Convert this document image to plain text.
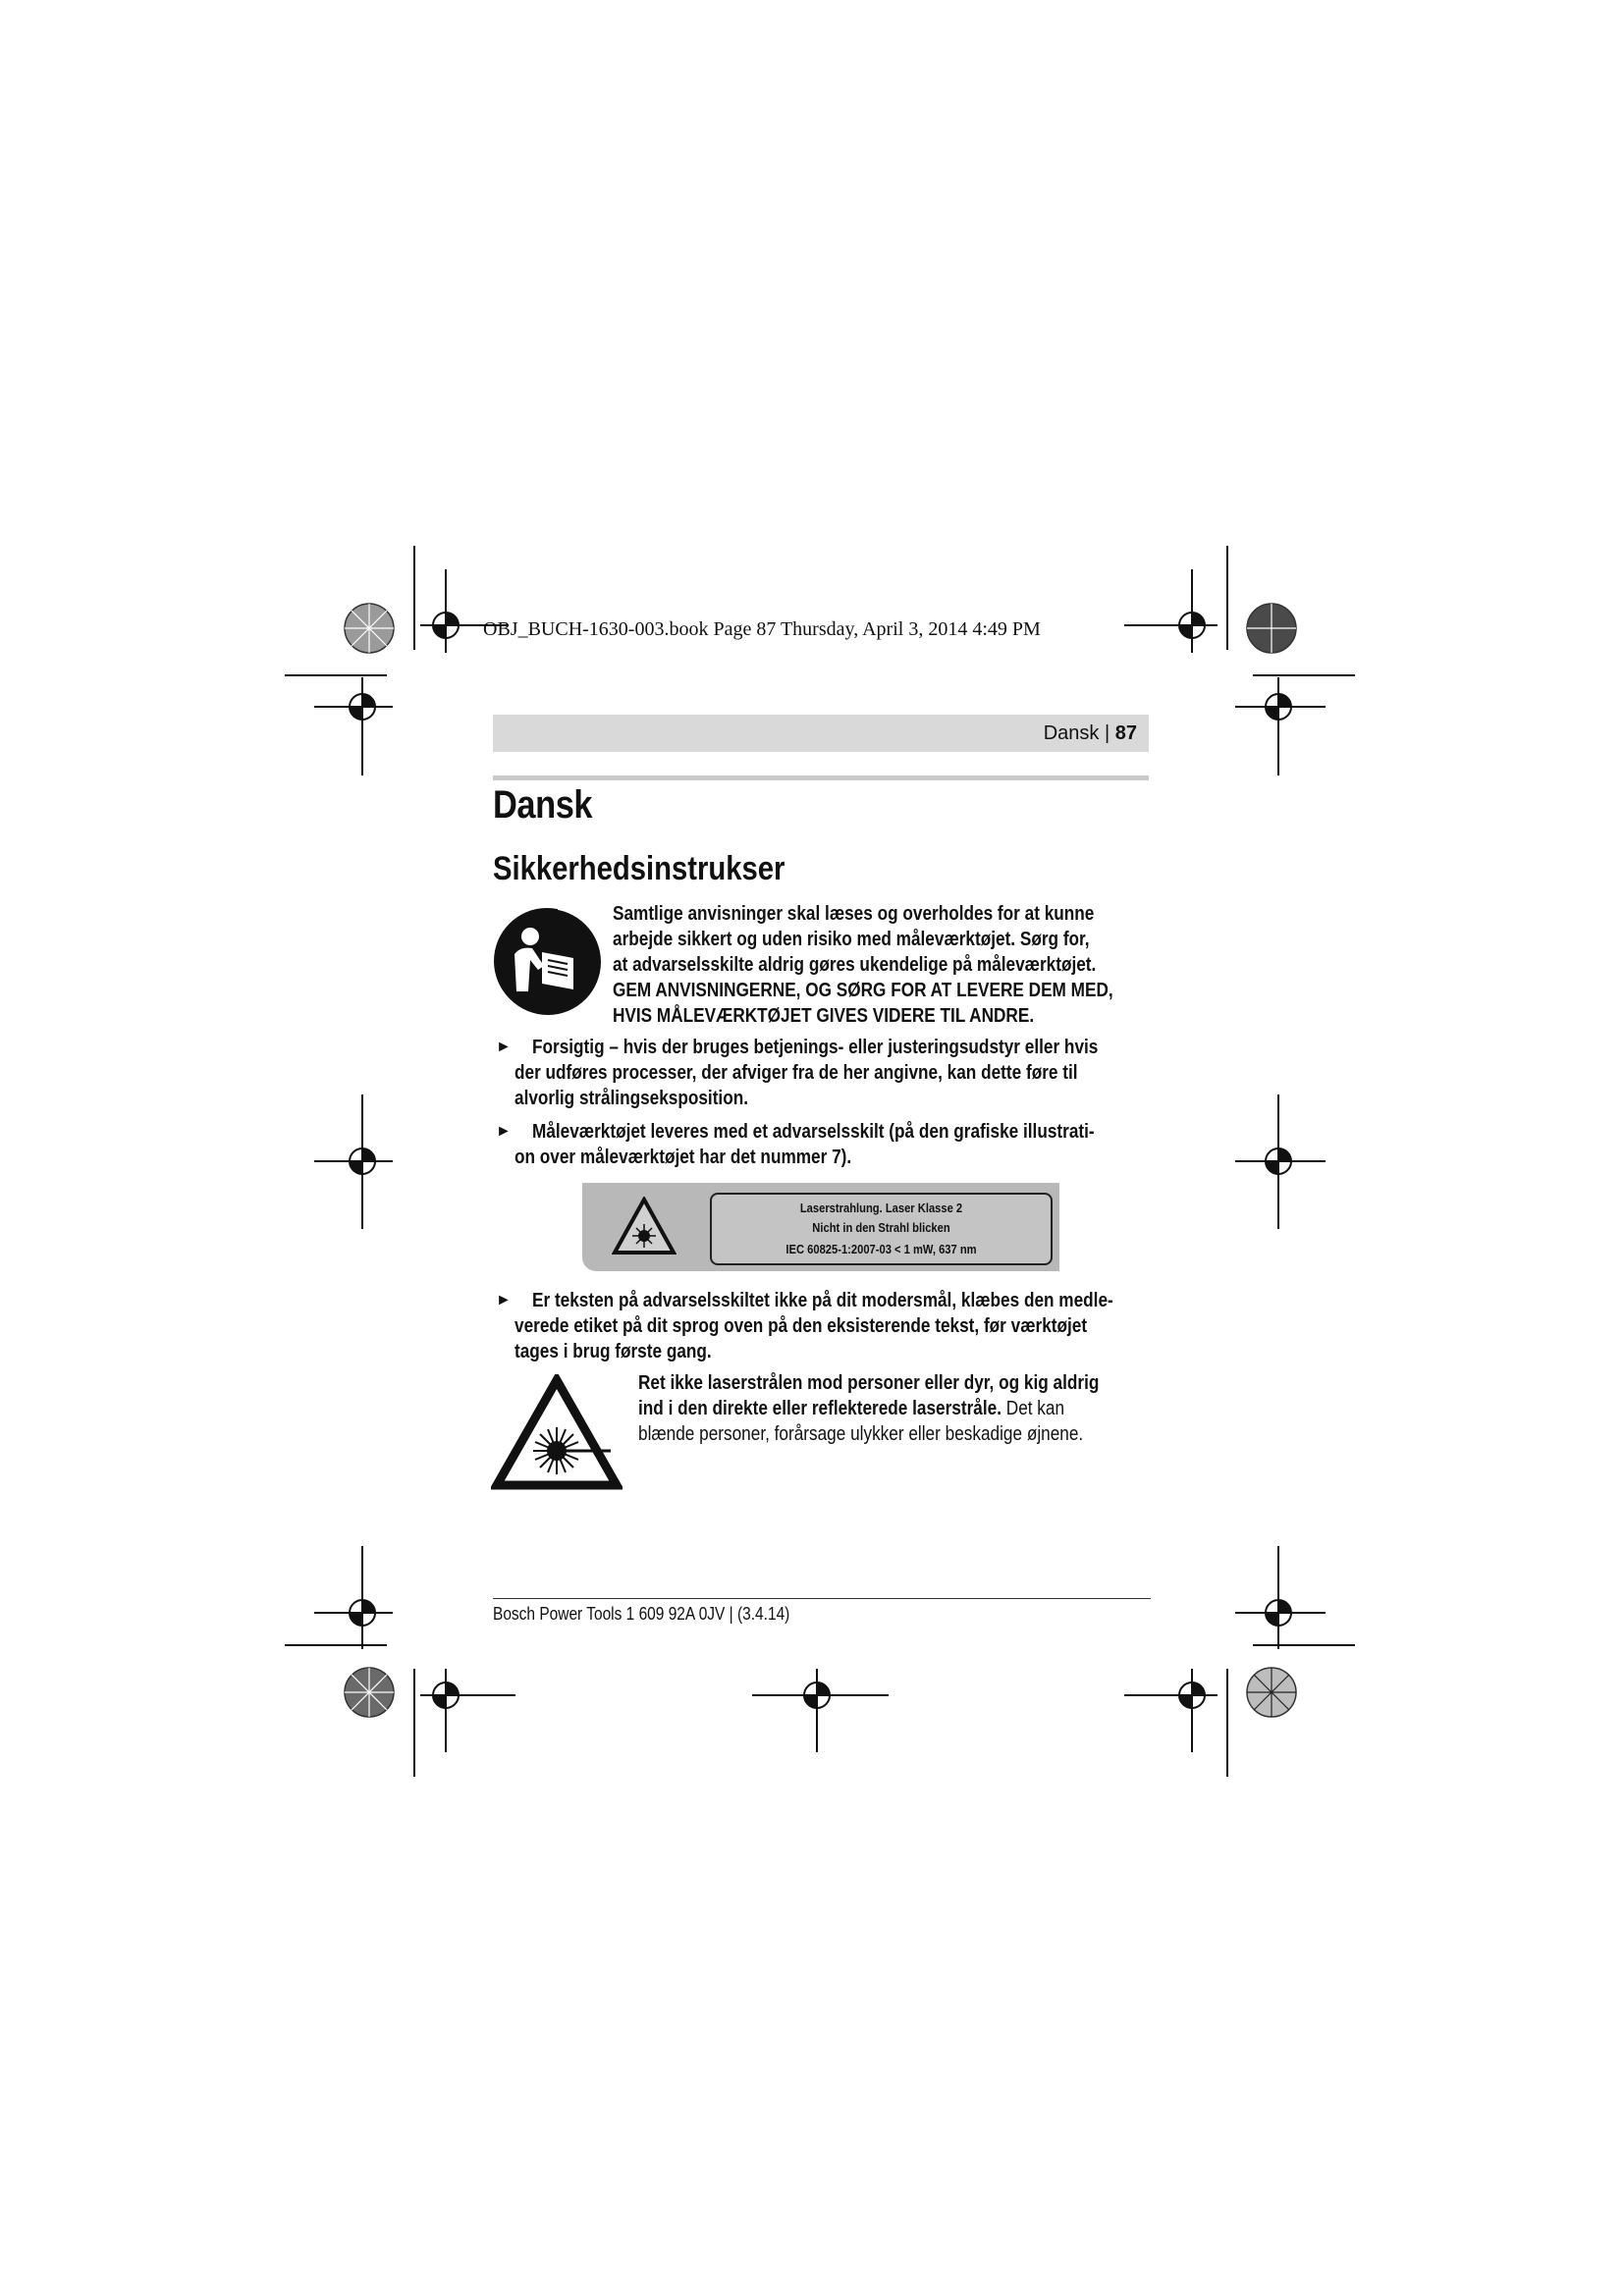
OBJ_BUCH-1630-003.book Page 87 Thursday, April 3, 2014 4:49 PM
Dansk | 87
Dansk
Sikkerhedsinstrukser
Samtlige anvisninger skal læses og overholdes for at kunne
arbejde sikkert og uden risiko med måleværktøjet. Sørg for,
at advarselsskilte aldrig gøres ukendelige på måleværktøjet.
GEM ANVISNINGERNE, OG SØRG FOR AT LEVERE DEM MED,
HVIS MÅLEVÆRKTØJET GIVES VIDERE TIL ANDRE.
► Forsigtig – hvis der bruges betjenings- eller justeringsudstyr eller hvis
der udføres processer, der afviger fra de her angivne, kan dette føre til
alvorlig strålingseksposition.
► Måleværktøjet leveres med et advarselsskilt (på den grafiske illustrati-
on over måleværktøjet har det nummer 7).
Laserstrahlung. Laser Klasse 2
Nicht in den Strahl blicken
IEC 60825-1:2007-03 < 1 mW, 637 nm
► Er teksten på advarselsskiltet ikke på dit modersmål, klæbes den medle-
verede etiket på dit sprog oven på den eksisterende tekst, før værktøjet
tages i brug første gang.
Ret ikke laserstrålen mod personer eller dyr, og kig aldrig
ind i den direkte eller reflekterede laserstråle. Det kan
blænde personer, forårsage ulykker eller beskadige øjnene.
Bosch Power Tools 1 609 92A 0JV | (3.4.14)
